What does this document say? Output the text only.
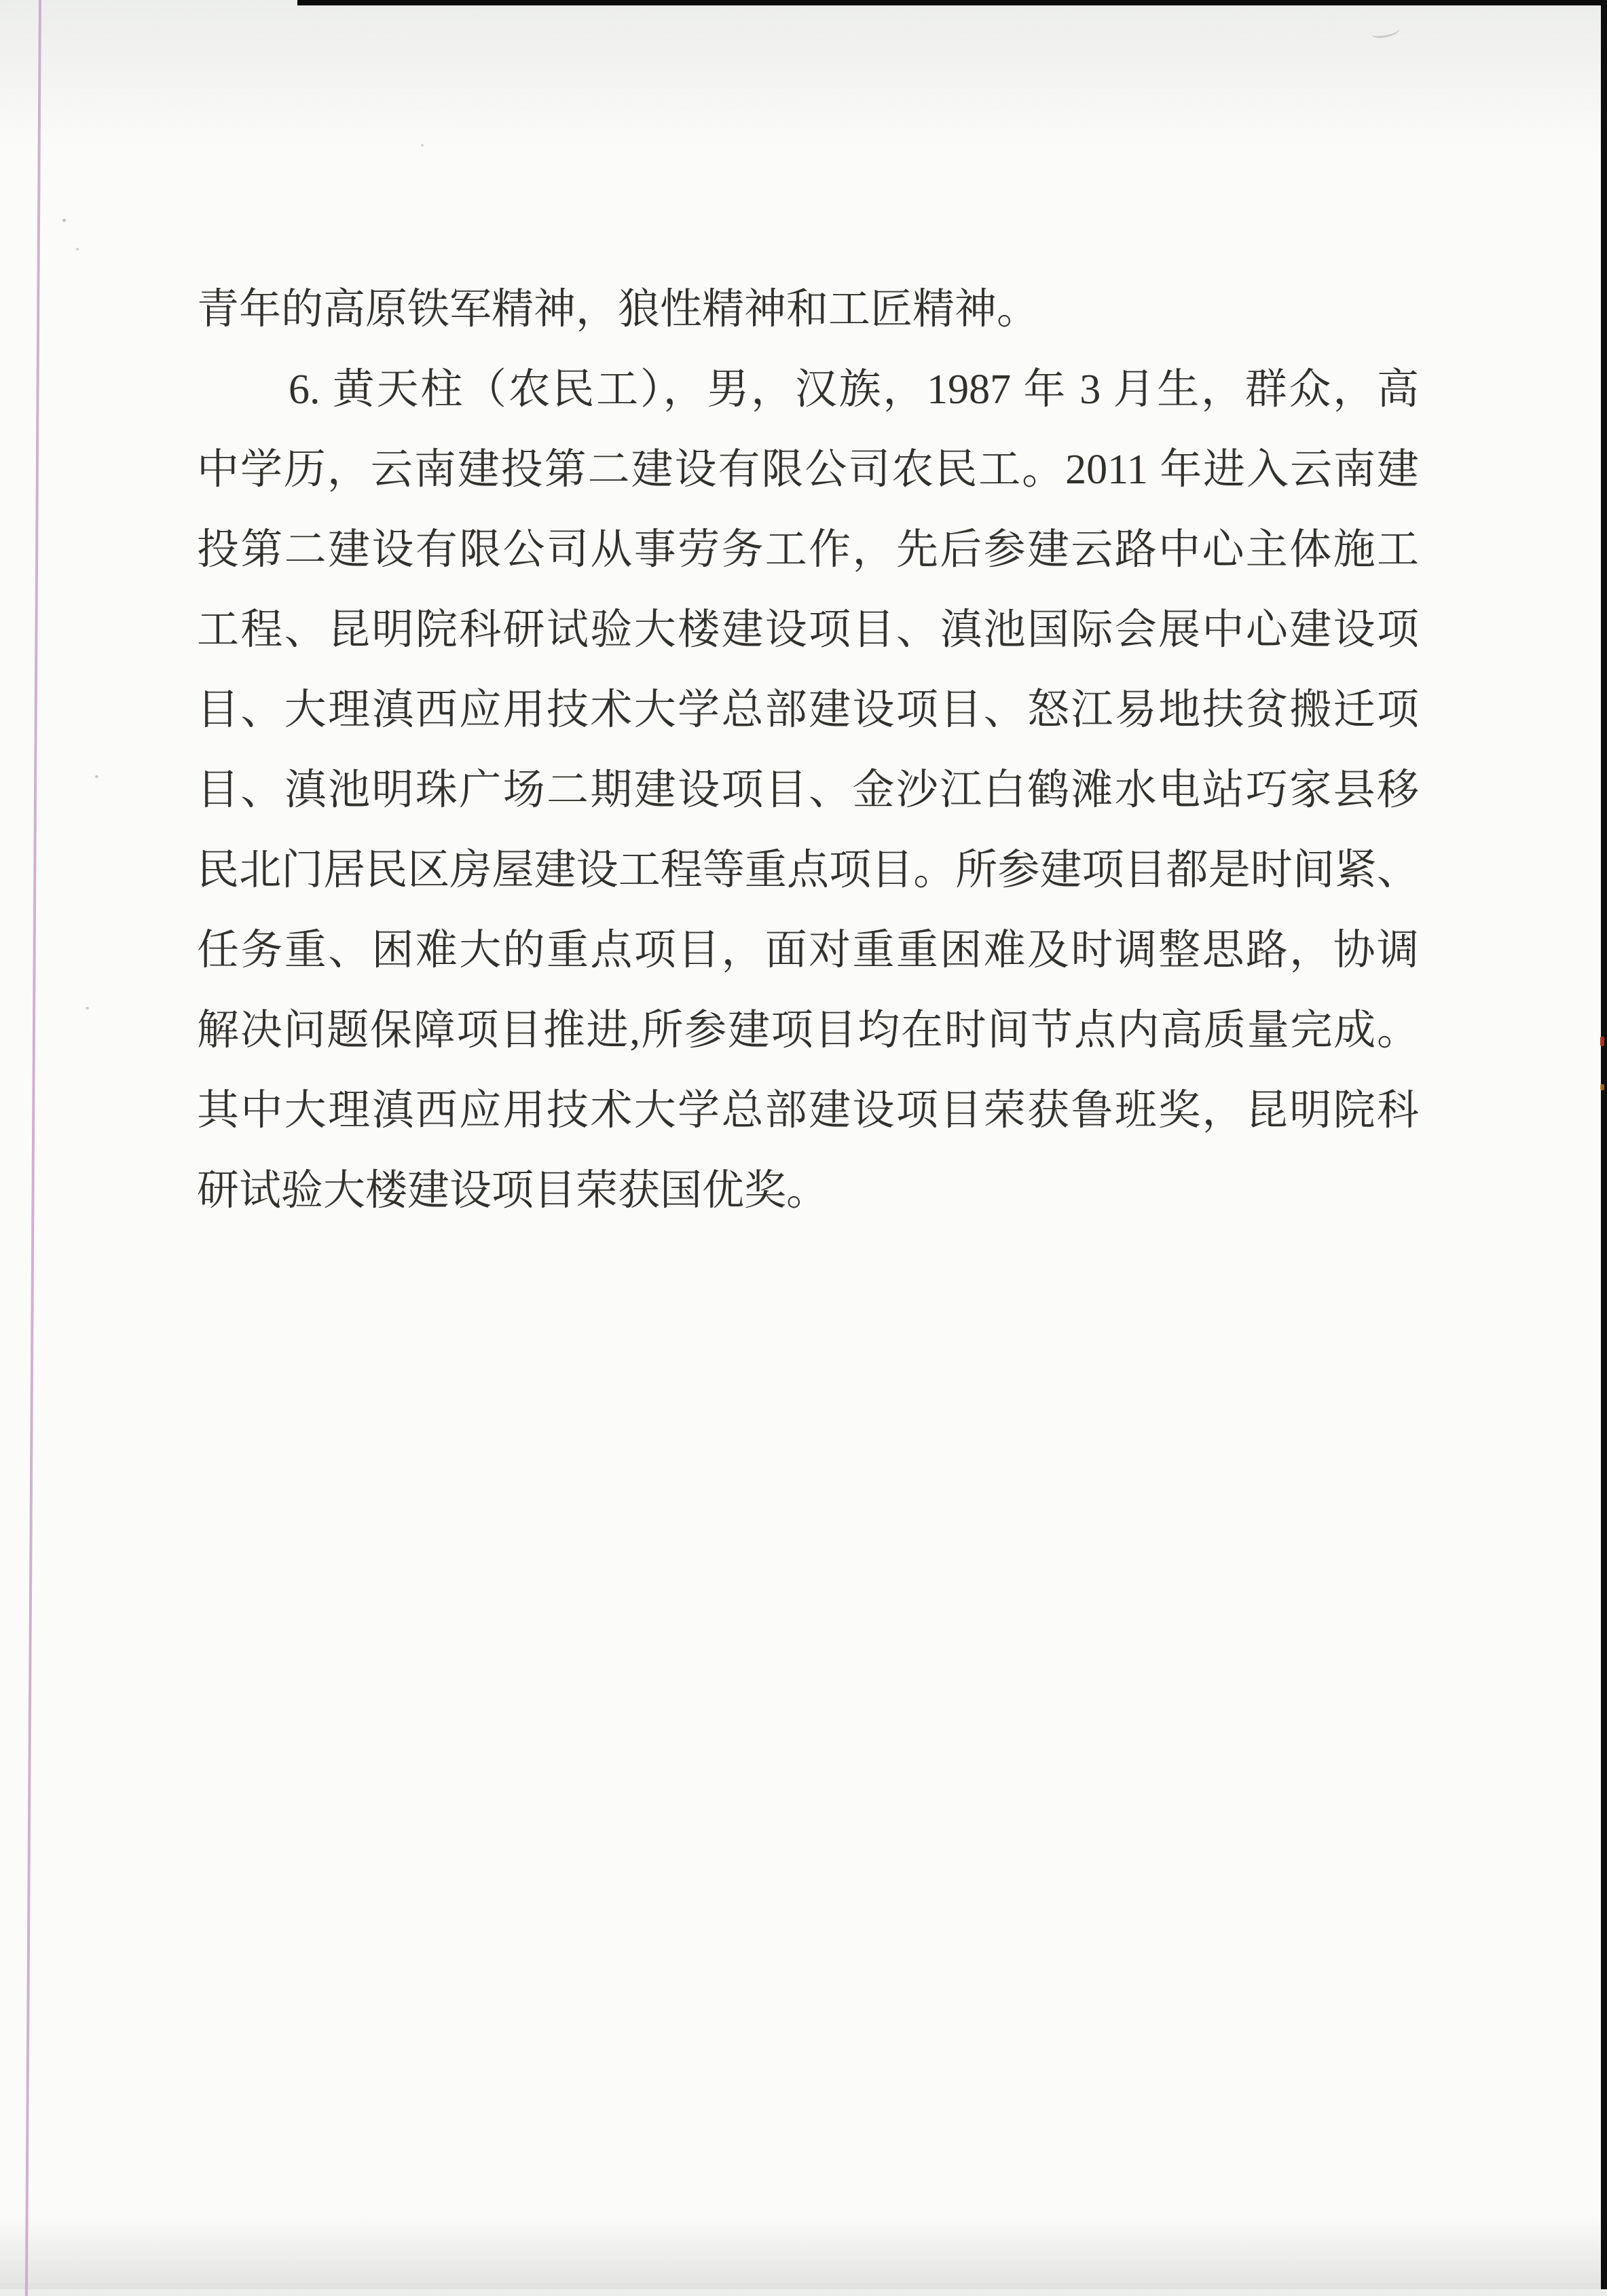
青年的高原铁军精神，狼性精神和工匠精神。
6. 黄天柱（农民工），男，汉族，1987 年 3 月生，群众，高
中学历，云南建投第二建设有限公司农民工。2011 年进入云南建
投第二建设有限公司从事劳务工作，先后参建云路中心主体施工
工程、昆明院科研试验大楼建设项目、滇池国际会展中心建设项
目、大理滇西应用技术大学总部建设项目、怒江易地扶贫搬迁项
目、滇池明珠广场二期建设项目、金沙江白鹤滩水电站巧家县移
民北门居民区房屋建设工程等重点项目。所参建项目都是时间紧、
任务重、困难大的重点项目，面对重重困难及时调整思路，协调
解决问题保障项目推进,所参建项目均在时间节点内高质量完成。
其中大理滇西应用技术大学总部建设项目荣获鲁班奖，昆明院科
研试验大楼建设项目荣获国优奖。
